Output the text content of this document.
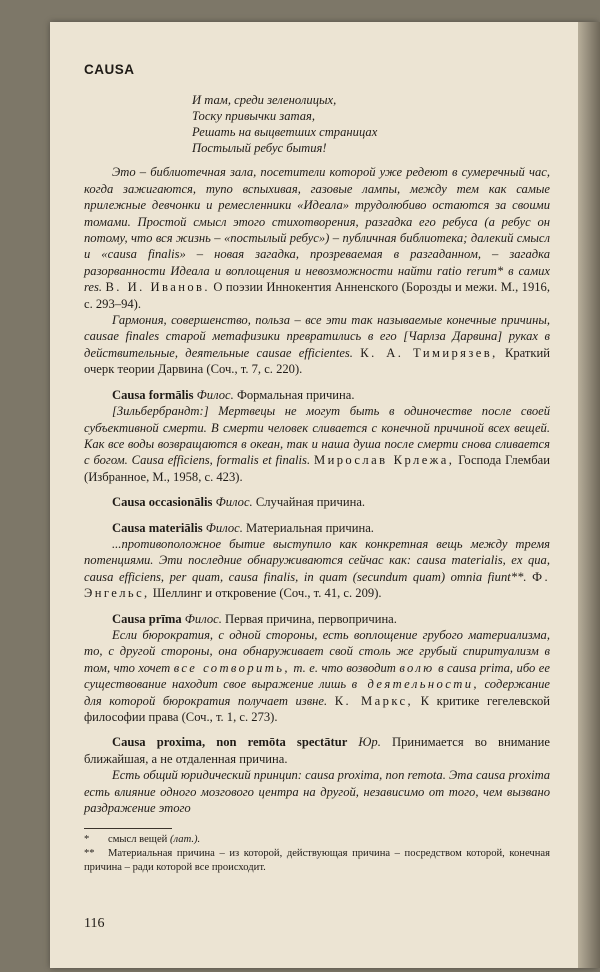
CAUSA

И там, среди зеленолицых,
Тоску привычки затая,
Решать на выцветших страницах
Постылый ребус бытия!

Это – библиотечная зала, посетители которой уже редеют в сумеречный час, когда зажигаются, тупо вспыхивая, газовые лампы, между тем как самые прилежные девчонки и ремесленники «Идеала» трудолюбиво остаются за своими томами. Простой смысл этого стихотворения, разгадка его ребуса (а ребус он потому, что вся жизнь – «постылый ребус») – публичная библиотека; далекий смысл и «causa finalis» – новая загадка, прозреваемая в разгаданном, – загадка разорванности Идеала и воплощения и невозможности найти ratio rerum* в самих res. В. И. Иванов. О поэзии Иннокентия Анненского (Борозды и межи. М., 1916, с. 293–94).

Гармония, совершенство, польза – все эти так называемые конечные причины, causae finales старой метафизики превратились в его [Чарлза Дарвина] руках в действительные, деятельные causae efficientes. К. А. Тимирязев, Краткий очерк теории Дарвина (Соч., т. 7, с. 220).

Causa formālis Филос. Формальная причина.

[Зильбербрандт:] Мертвецы не могут быть в одиночестве после своей субъективной смерти. В смерти человек сливается с конечной причиной всех вещей. Как все воды возвращаются в океан, так и наша душа после смерти снова сливается с богом. Causa efficiens, formalis et finalis. Мирослав Крлежа, Господа Глембаи (Избранное, М., 1958, с. 423).

Causa occasionālis Филос. Случайная причина.

Causa materiālis Филос. Материальная причина.

...противоположное бытие выступило как конкретная вещь между тремя потенциями. Эти последние обнаруживаются сейчас как: causa materialis, ex qua, causa efficiens, per quam, causa finalis, in quam (secundum quam) omnia fiunt**. Ф. Энгельс, Шеллинг и откровение (Соч., т. 41, с. 209).

Causa prīma Филос. Первая причина, первопричина.

Если бюрократия, с одной стороны, есть воплощение грубого материализма, то, с другой стороны, она обнаруживает свой столь же грубый спиритуализм в том, что хочет все сотворить, т. е. что возводит волю в causa prima, ибо ее существование находит свое выражение лишь в деятельности, содержание для которой бюрократия получает извне. К. Маркс, К критике гегелевской философии права (Соч., т. 1, с. 273).

Causa proxima, non remōta spectātur Юр. Принимается во внимание ближайшая, а не отдаленная причина.

Есть общий юридический принцип: causa proxima, non remota. Эта causa proxima есть влияние одного мозгового центра на другой, независимо от того, чем вызвано раздражение этого

* смысл вещей (лат.).

** Материальная причина – из которой, действующая причина – посредством которой, конечная причина – ради которой все происходит.

116
